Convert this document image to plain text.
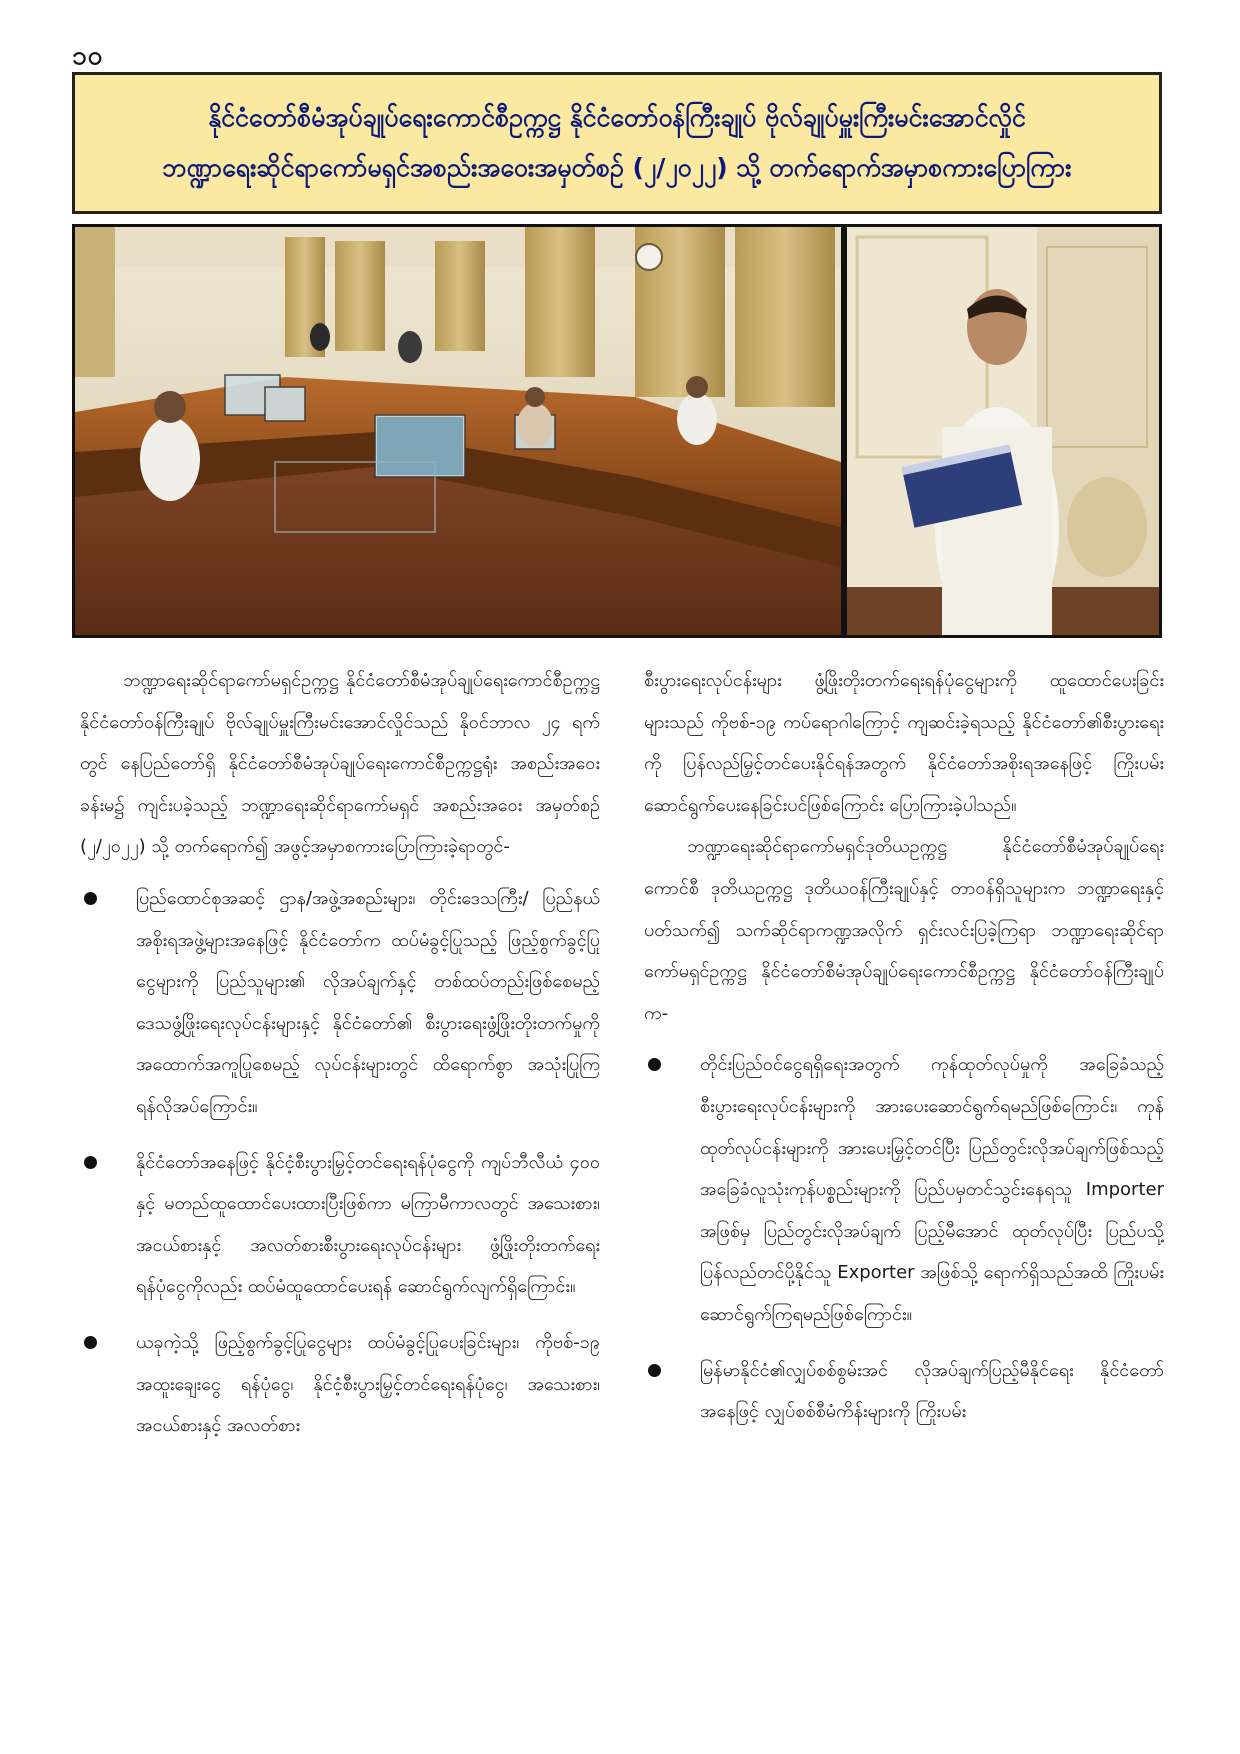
၁၀
နိုင်ငံတော်စီမံအုပ်ချုပ်ရေးကောင်စီဥက္ကဋ္ဌ နိုင်ငံတော်ဝန်ကြီးချုပ် ဗိုလ်ချုပ်မှူးကြီးမင်းအောင်လှိုင်
ဘဏ္ဍာရေးဆိုင်ရာကော်မရှင်အစည်းအဝေးအမှတ်စဉ် (၂/၂၀၂၂) သို့ တက်ရောက်အမှာစကားပြောကြား

ဘဏ္ဍာရေးဆိုင်ရာကော်မရှင်ဥက္ကဋ္ဌ နိုင်ငံတော်စီမံအုပ်ချုပ်ရေးကောင်စီဥက္ကဋ္ဌ နိုင်ငံတော်ဝန်ကြီးချုပ် ဗိုလ်ချုပ်မှူးကြီးမင်းအောင်လှိုင်သည် နိုဝင်ဘာလ ၂၄ ရက်တွင် နေပြည်တော်ရှိ နိုင်ငံတော်စီမံအုပ်ချုပ်ရေးကောင်စီဥက္ကဋ္ဌရုံး အစည်းအဝေးခန်းမ၌ ကျင်းပခဲ့သည့် ဘဏ္ဍာရေးဆိုင်ရာကော်မရှင် အစည်းအဝေး အမှတ်စဉ် (၂/၂၀၂၂) သို့ တက်ရောက်၍ အဖွင့်အမှာစကားပြောကြားခဲ့ရာတွင်-

ပြည်ထောင်စုအဆင့် ဌာန/အဖွဲ့အစည်းများ၊ တိုင်းဒေသကြီး/ ပြည်နယ်အစိုးရအဖွဲ့များအနေဖြင့် နိုင်ငံတော်က ထပ်မံခွင့်ပြုသည့် ဖြည့်စွက်ခွင့်ပြုငွေများကို ပြည်သူများ၏ လိုအပ်ချက်နှင့် တစ်ထပ်တည်းဖြစ်စေမည့် ဒေသဖွံ့ဖြိုးရေးလုပ်ငန်းများနှင့် နိုင်ငံတော်၏ စီးပွားရေးဖွံ့ဖြိုးတိုးတက်မှုကို အထောက်အကူပြုစေမည့် လုပ်ငန်းများတွင် ထိရောက်စွာ အသုံးပြုကြရန်လိုအပ်ကြောင်း။
နိုင်ငံတော်အနေဖြင့် နိုင်ငံ့စီးပွားမြှင့်တင်ရေးရန်ပုံငွေကို ကျပ်ဘီလီယံ ၄၀၀ နှင့် မတည်ထူထောင်ပေးထားပြီးဖြစ်ကာ မကြာမီကာလတွင် အသေးစား၊ အငယ်စားနှင့် အလတ်စားစီးပွားရေးလုပ်ငန်းများ ဖွံ့ဖြိုးတိုးတက်ရေးရန်ပုံငွေကိုလည်း ထပ်မံထူထောင်ပေးရန် ဆောင်ရွက်လျက်ရှိကြောင်း။
ယခုကဲ့သို့ ဖြည့်စွက်ခွင့်ပြုငွေများ ထပ်မံခွင့်ပြုပေးခြင်းများ၊ ကိုဗစ်-၁၉ အထူးချေးငွေ ရန်ပုံငွေ၊ နိုင်ငံ့စီးပွားမြှင့်တင်ရေးရန်ပုံငွေ၊ အသေးစား၊ အငယ်စားနှင့် အလတ်စား

စီးပွားရေးလုပ်ငန်းများ ဖွံ့ဖြိုးတိုးတက်ရေးရန်ပုံငွေများကို ထူထောင်ပေးခြင်းများသည် ကိုဗစ်-၁၉ ကပ်ရောဂါကြောင့် ကျဆင်းခဲ့ရသည့် နိုင်ငံတော်၏စီးပွားရေးကို ပြန်လည်မြှင့်တင်ပေးနိုင်ရန်အတွက် နိုင်ငံတော်အစိုးရအနေဖြင့် ကြိုးပမ်းဆောင်ရွက်ပေးနေခြင်းပင်ဖြစ်ကြောင်း ပြောကြားခဲ့ပါသည်။

ဘဏ္ဍာရေးဆိုင်ရာကော်မရှင်ဒုတိယဥက္ကဋ္ဌ နိုင်ငံတော်စီမံအုပ်ချုပ်ရေးကောင်စီ ဒုတိယဥက္ကဋ္ဌ ဒုတိယဝန်ကြီးချုပ်နှင့် တာဝန်ရှိသူများက ဘဏ္ဍာရေးနှင့်ပတ်သက်၍ သက်ဆိုင်ရာကဏ္ဍအလိုက် ရှင်းလင်းပြခဲ့ကြရာ ဘဏ္ဍာရေးဆိုင်ရာကော်မရှင်ဥက္ကဋ္ဌ နိုင်ငံတော်စီမံအုပ်ချုပ်ရေးကောင်စီဥက္ကဋ္ဌ နိုင်ငံတော်ဝန်ကြီးချုပ်က-

တိုင်းပြည်ဝင်ငွေရရှိရေးအတွက် ကုန်ထုတ်လုပ်မှုကို အခြေခံသည့် စီးပွားရေးလုပ်ငန်းများကို အားပေးဆောင်ရွက်ရမည်ဖြစ်ကြောင်း၊ ကုန်ထုတ်လုပ်ငန်းများကို အားပေးမြှင့်တင်ပြီး ပြည်တွင်းလိုအပ်ချက်ဖြစ်သည့် အခြေခံလူသုံးကုန်ပစ္စည်းများကို ပြည်ပမှတင်သွင်းနေရသူ Importer အဖြစ်မှ ပြည်တွင်းလိုအပ်ချက် ပြည့်မီအောင် ထုတ်လုပ်ပြီး ပြည်ပသို့ ပြန်လည်တင်ပို့နိုင်သူ Exporter အဖြစ်သို့ ရောက်ရှိသည်အထိ ကြိုးပမ်းဆောင်ရွက်ကြရမည်ဖြစ်ကြောင်း။
မြန်မာနိုင်ငံ၏လျှပ်စစ်စွမ်းအင် လိုအပ်ချက်ပြည့်မီနိုင်ရေး နိုင်ငံတော်အနေဖြင့် လျှပ်စစ်စီမံကိန်းများကို ကြိုးပမ်း
